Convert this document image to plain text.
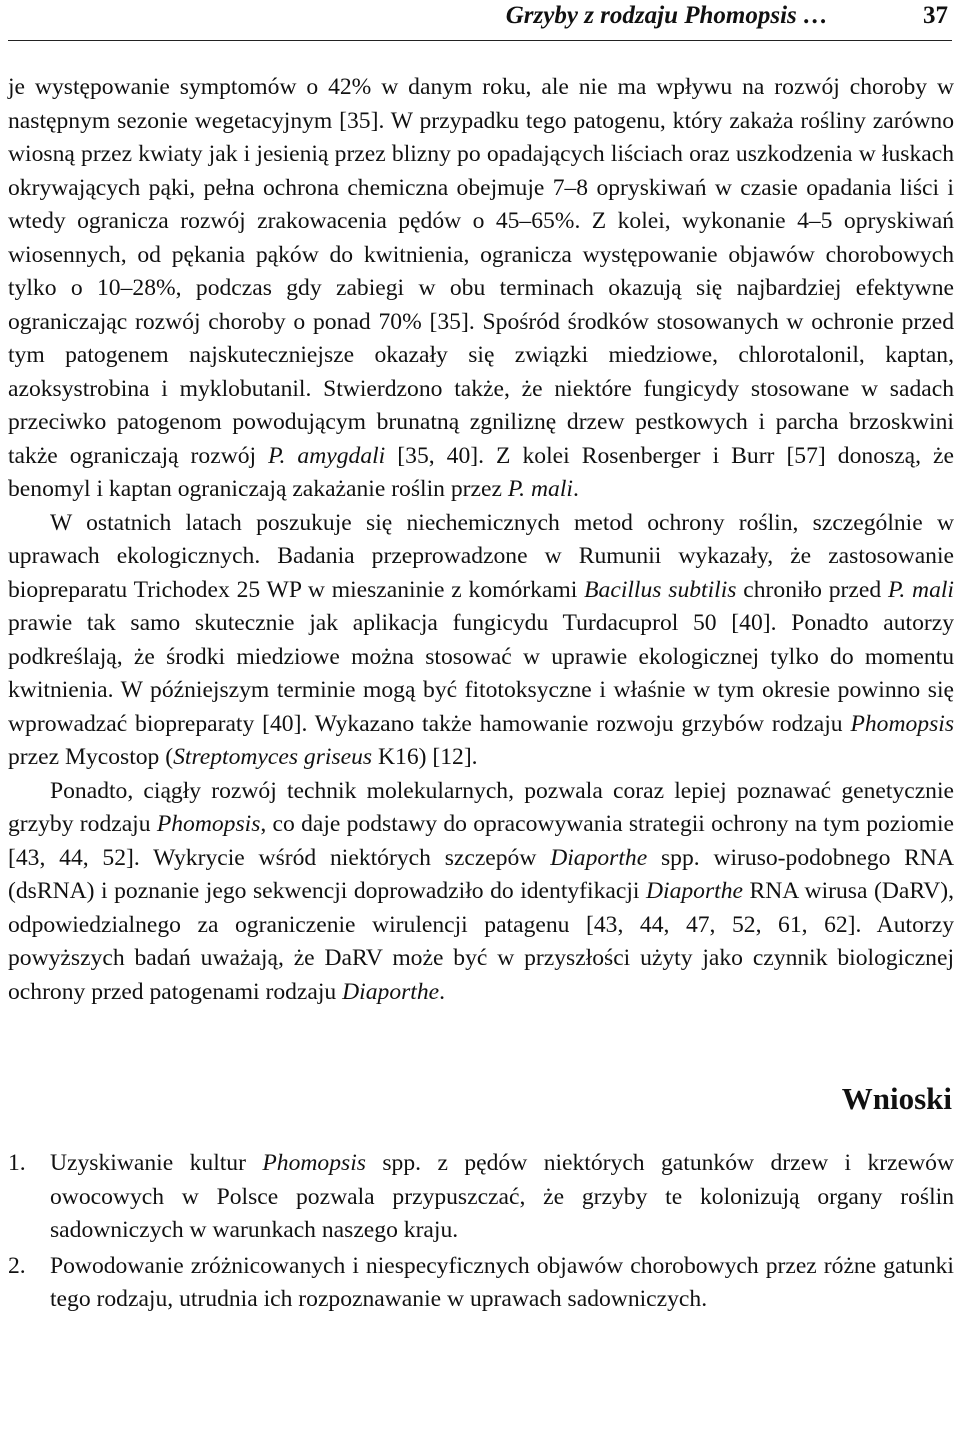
Grzyby z rodzaju Phomopsis …	37

je występowanie symptomów o 42% w danym roku, ale nie ma wpływu na rozwój choroby w następnym sezonie wegetacyjnym [35]. W przypadku tego patogenu, który zakaża rośliny zarówno wiosną przez kwiaty jak i jesienią przez blizny po opadających liściach oraz uszkodzenia w łuskach okrywających pąki, pełna ochrona chemiczna obejmuje 7–8 opryskiwań w czasie opadania liści i wtedy ogranicza rozwój zrakowacenia pędów o 45–65%. Z kolei, wykonanie 4–5 opryskiwań wiosennych, od pękania pąków do kwitnienia, ogranicza występowanie objawów chorobowych tylko o 10–28%, podczas gdy zabiegi w obu terminach okazują się najbardziej efektywne ograniczając rozwój choroby o ponad 70% [35]. Spośród środków stosowanych w ochronie przed tym patogenem najskuteczniejsze okazały się związki miedziowe, chlorotalonil, kaptan, azoksystrobina i myklobutanil. Stwierdzono także, że niektóre fungicydy stosowane w sadach przeciwko patogenom powodującym brunatną zgniliznę drzew pestkowych i parcha brzoskwini także ograniczają rozwój P. amygdali [35, 40]. Z kolei Rosenberger i Burr [57] donoszą, że benomyl i kaptan ograniczają zakażanie roślin przez P. mali.

W ostatnich latach poszukuje się niechemicznych metod ochrony roślin, szczególnie w uprawach ekologicznych. Badania przeprowadzone w Rumunii wykazały, że zastosowanie biopreparatu Trichodex 25 WP w mieszaninie z komórkami Bacillus subtilis chroniło przed P. mali prawie tak samo skutecznie jak aplikacja fungicydu Turdacuprol 50 [40]. Ponadto autorzy podkreślają, że środki miedziowe można stosować w uprawie ekologicznej tylko do momentu kwitnienia. W późniejszym terminie mogą być fitotoksyczne i właśnie w tym okresie powinno się wprowadzać biopreparaty [40]. Wykazano także hamowanie rozwoju grzybów rodzaju Phomopsis przez Mycostop (Streptomyces griseus K16) [12].

Ponadto, ciągły rozwój technik molekularnych, pozwala coraz lepiej poznawać genetycznie grzyby rodzaju Phomopsis, co daje podstawy do opracowywania strategii ochrony na tym poziomie [43, 44, 52]. Wykrycie wśród niektórych szczepów Diaporthe spp. wiruso-podobnego RNA (dsRNA) i poznanie jego sekwencji doprowadziło do identyfikacji Diaporthe RNA wirusa (DaRV), odpowiedzialnego za ograniczenie wirulencji patagenu [43, 44, 47, 52, 61, 62]. Autorzy powyższych badań uważają, że DaRV może być w przyszłości użyty jako czynnik biologicznej ochrony przed patogenami rodzaju Diaporthe.

Wnioski
1. Uzyskiwanie kultur Phomopsis spp. z pędów niektórych gatunków drzew i krzewów owocowych w Polsce pozwala przypuszczać, że grzyby te kolonizują organy roślin sadowniczych w warunkach naszego kraju.
2. Powodowanie zróżnicowanych i niespecyficznych objawów chorobowych przez różne gatunki tego rodzaju, utrudnia ich rozpoznawanie w uprawach sadowniczych.
